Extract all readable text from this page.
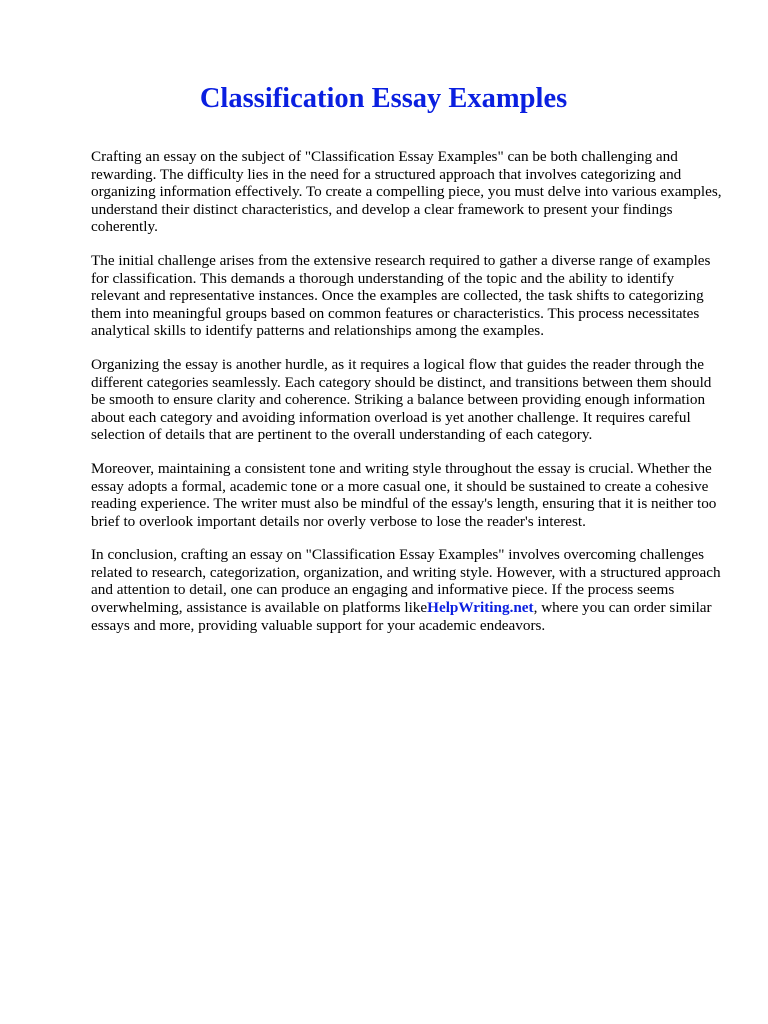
Classification Essay Examples

Crafting an essay on the subject of "Classification Essay Examples" can be both challenging and rewarding. The difficulty lies in the need for a structured approach that involves categorizing and organizing information effectively. To create a compelling piece, you must delve into various examples, understand their distinct characteristics, and develop a clear framework to present your findings coherently.

The initial challenge arises from the extensive research required to gather a diverse range of examples for classification. This demands a thorough understanding of the topic and the ability to identify relevant and representative instances. Once the examples are collected, the task shifts to categorizing them into meaningful groups based on common features or characteristics. This process necessitates analytical skills to identify patterns and relationships among the examples.

Organizing the essay is another hurdle, as it requires a logical flow that guides the reader through the different categories seamlessly. Each category should be distinct, and transitions between them should be smooth to ensure clarity and coherence. Striking a balance between providing enough information about each category and avoiding information overload is yet another challenge. It requires careful selection of details that are pertinent to the overall understanding of each category.

Moreover, maintaining a consistent tone and writing style throughout the essay is crucial. Whether the essay adopts a formal, academic tone or a more casual one, it should be sustained to create a cohesive reading experience. The writer must also be mindful of the essay's length, ensuring that it is neither too brief to overlook important details nor overly verbose to lose the reader's interest.

In conclusion, crafting an essay on "Classification Essay Examples" involves overcoming challenges related to research, categorization, organization, and writing style. However, with a structured approach and attention to detail, one can produce an engaging and informative piece. If the process seems overwhelming, assistance is available on platforms likeHelpWriting.net, where you can order similar essays and more, providing valuable support for your academic endeavors.
